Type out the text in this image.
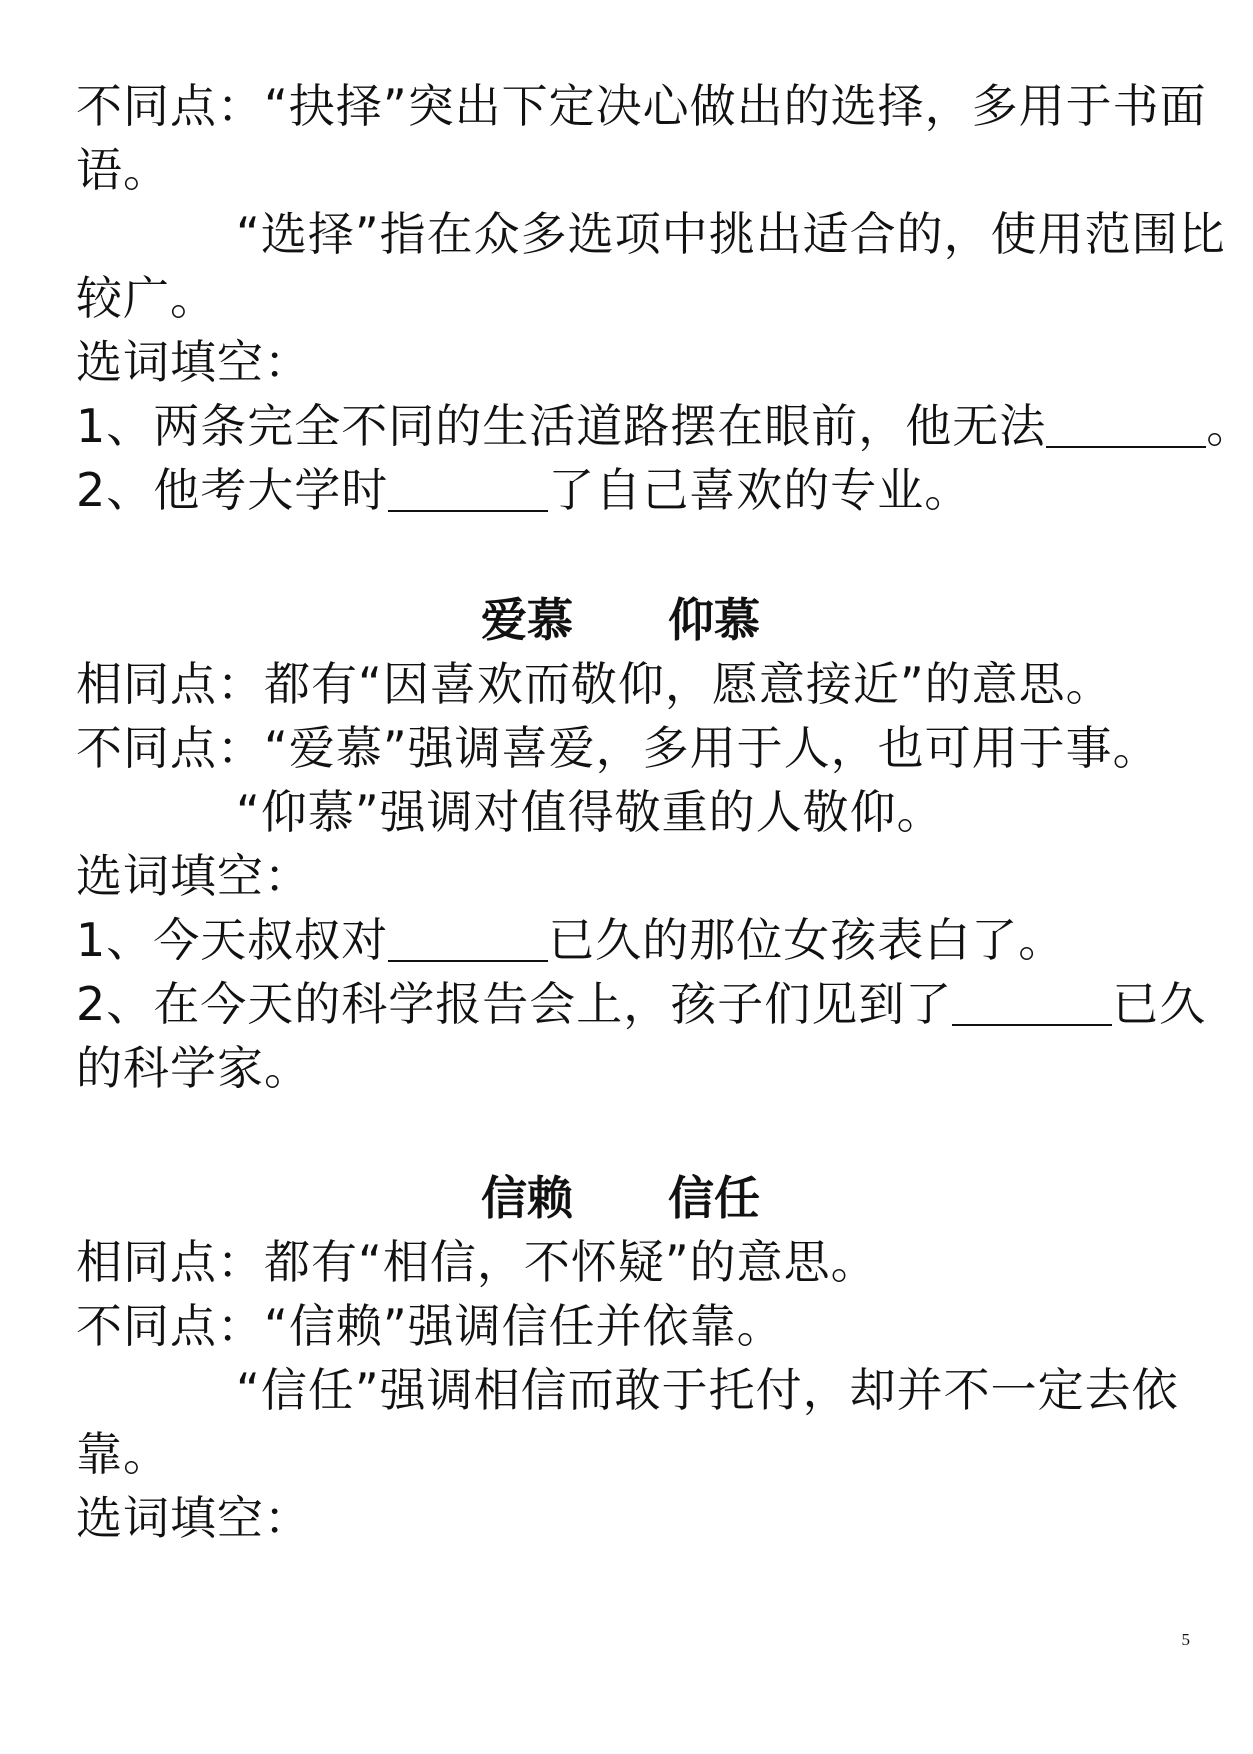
不同点：“抉择”突出下定决心做出的选择，多用于书面
语。
“选择”指在众多选项中挑出适合的，使用范围比
较广。
选词填空：
1、两条完全不同的生活道路摆在眼前，他无法	。
2、他考大学时	了自己喜欢的专业。
爱慕 仰慕
相同点：都有“因喜欢而敬仰，愿意接近”的意思。
不同点：“爱慕”强调喜爱，多用于人，也可用于事。
“仰慕”强调对值得敬重的人敬仰。
选词填空：
1、今天叔叔对	已久的那位女孩表白了。
2、在今天的科学报告会上，孩子们见到了	已久
的科学家。
信赖 信任
相同点：都有“相信，不怀疑”的意思。
不同点：“信赖”强调信任并依靠。
“信任”强调相信而敢于托付，却并不一定去依
靠。
选词填空：
5
